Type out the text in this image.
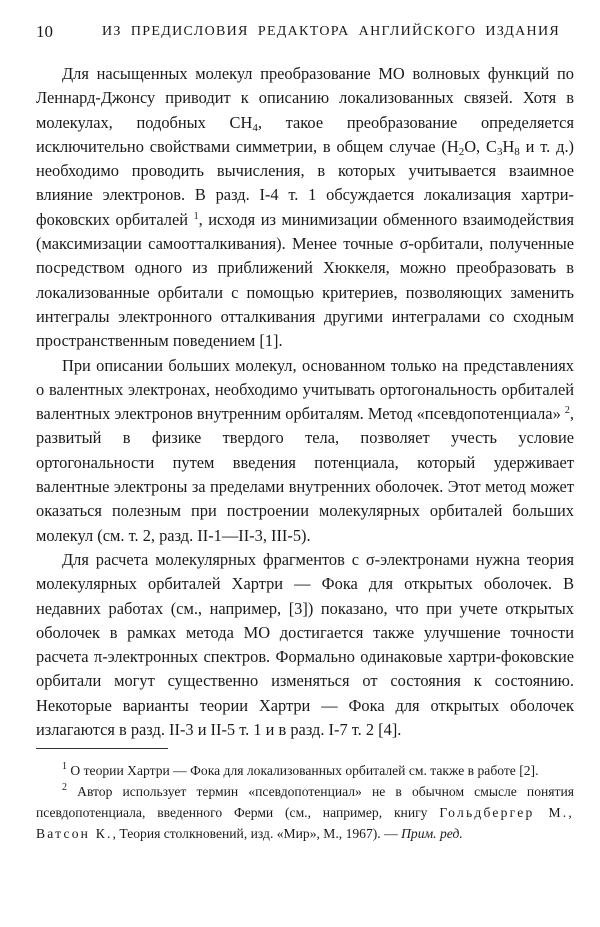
10	ИЗ ПРЕДИСЛОВИЯ РЕДАКТОРА АНГЛИЙСКОГО ИЗДАНИЯ

Для насыщенных молекул преобразование МО волновых функций по Леннард-Джонсу приводит к описанию локализованных связей. Хотя в молекулах, подобных $CH_4$, такое преобразование определяется исключительно свойствами симметрии, в общем случае ($H_2O$, $C_3H_8$ и т. д.) необходимо проводить вычисления, в которых учитывается взаимное влияние электронов. В разд. I-4 т. 1 обсуждается локализация хартри-фоковских орбиталей $^1$, исходя из минимизации обменного взаимодействия (максимизации самоотталкивания). Менее точные σ-орбитали, полученные посредством одного из приближений Хюккеля, можно преобразовать в локализованные орбитали с помощью критериев, позволяющих заменить интегралы электронного отталкивания другими интегралами со сходным пространственным поведением [1].

При описании больших молекул, основанном только на представлениях о валентных электронах, необходимо учитывать ортогональность орбиталей валентных электронов внутренним орбиталям. Метод «псевдопотенциала» $^2$, развитый в физике твердого тела, позволяет учесть условие ортогональности путем введения потенциала, который удерживает валентные электроны за пределами внутренних оболочек. Этот метод может оказаться полезным при построении молекулярных орбиталей больших молекул (см. т. 2, разд. II-1—II-3, III-5).

Для расчета молекулярных фрагментов с σ-электронами нужна теория молекулярных орбиталей Хартри — Фока для открытых оболочек. В недавних работах (см., например, [3]) показано, что при учете открытых оболочек в рамках метода МО достигается также улучшение точности расчета π-электронных спектров. Формально одинаковые хартри-фоковские орбитали могут существенно изменяться от состояния к состоянию. Некоторые варианты теории Хартри — Фока для открытых оболочек излагаются в разд. II-3 и II-5 т. 1 и в разд. I-7 т. 2 [4].

$^1$ О теории Хартри — Фока для локализованных орбиталей см. также в работе [2].

$^2$ Автор использует термин «псевдопотенциал» не в обычном смысле понятия псевдопотенциала, введенного Ферми (см., например, книгу Гольдбергер М., Ватсон К., Теория столкновений, изд. «Мир», М., 1967). — Прим. ред.
